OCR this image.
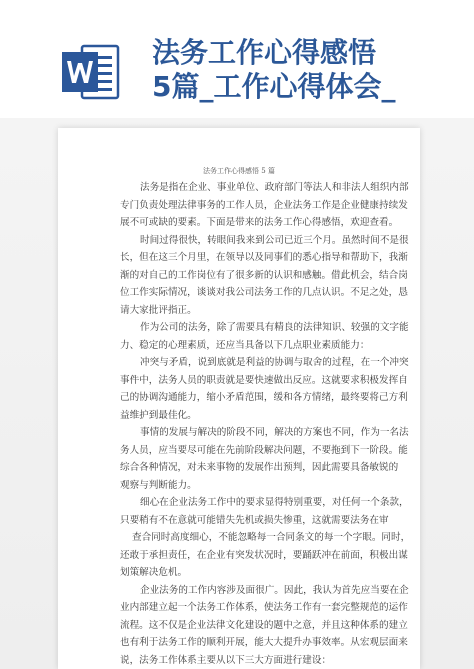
法务工作心得感悟
5篇_工作心得体会_
法务工作心得感悟 5 篇
法务是指在企业、事业单位、政府部门等法人和非法人组织内部
专门负责处理法律事务的工作人员，企业法务工作是企业健康持续发
展不可或缺的要素。下面是带来的法务工作心得感悟，欢迎查看。
时间过得很快，转眼间我来到公司已近三个月。虽然时间不是很
长，但在这三个月里，在领导以及同事们的悉心指导和帮助下，我渐
渐的对自己的工作岗位有了很多新的认识和感触。借此机会，结合岗
位工作实际情况，谈谈对我公司法务工作的几点认识。不足之处，恳
请大家批评指正。
作为公司的法务，除了需要具有精良的法律知识、较强的文字能
力、稳定的心理素质，还应当具备以下几点职业素质能力：
冲突与矛盾，说到底就是利益的协调与取舍的过程，在一个冲突
事件中，法务人员的职责就是要快速做出反应。这就要求积极发挥自
己的协调沟通能力，缩小矛盾范围，缓和各方情绪，最终要将己方利
益维护到最佳化。
事情的发展与解决的阶段不同，解决的方案也不同，作为一名法
务人员，应当要尽可能在先前阶段解决问题，不要拖到下一阶段。能
综合各种情况，对未来事物的发展作出预判，因此需要具备敏锐的
观察与判断能力。
细心在企业法务工作中的要求显得特别重要，对任何一个条款，
只要稍有不在意就可能错失先机或损失惨重，这就需要法务在审
查合同时高度细心，不能忽略每一合同条文的每一个字眼。同时，
还敢于承担责任，在企业有突发状况时，要踊跃冲在前面，积极出谋
划策解决危机。
企业法务的工作内容涉及面很广。因此，我认为首先应当要在企
业内部建立起一个法务工作体系，使法务工作有一套完整规范的运作
流程。这不仅是企业法律文化建设的题中之意，并且这种体系的建立
也有利于法务工作的顺利开展，能大大提升办事效率。从宏观层面来
说，法务工作体系主要从以下三大方面进行建设：
